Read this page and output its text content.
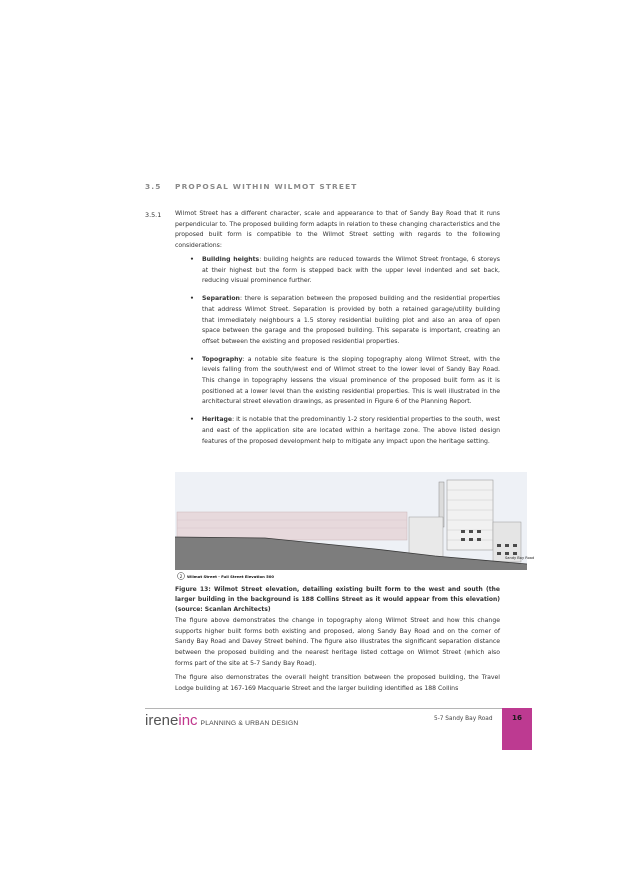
3.5 PROPOSAL WITHIN WILMOT STREET
3.5.1 Wilmot Street has a different character, scale and appearance to that of Sandy Bay Road that it runs perpendicular to. The proposed building form adapts in relation to these changing characteristics and the proposed built form is compatible to the Wilmot Street setting with regards to the following considerations:
• Building heights: building heights are reduced towards the Wilmot Street frontage, 6 storeys at their highest but the form is stepped back with the upper level indented and set back, reducing visual prominence further.
• Separation: there is separation between the proposed building and the residential properties that address Wilmot Street. Separation is provided by both a retained garage/utility building that immediately neighbours a 1.5 storey residential building plot and also an area of open space between the garage and the proposed building. This separate is important, creating an offset between the existing and proposed residential properties.
• Topography: a notable site feature is the sloping topography along Wilmot Street, with the levels falling from the south/west end of Wilmot street to the lower level of Sandy Bay Road. This change in topography lessens the visual prominence of the proposed built form as it is positioned at a lower level than the existing residential properties. This is well illustrated in the architectural street elevation drawings, as presented in Figure 6 of the Planning Report.
• Heritage: it is notable that the predominantly 1-2 story residential properties to the south, west and east of the application site are located within a heritage zone. The above listed design features of the proposed development help to mitigate any impact upon the heritage setting.
2 Wilmot Street - Full Street Elevation 500
Sandy Bay Road
Figure 13: Wilmot Street elevation, detailing existing built form to the west and south (the larger building in the background is 188 Collins Street as it would appear from this elevation) (source: Scanlan Architects)
The figure above demonstrates the change in topography along Wilmot Street and how this change supports higher built forms both existing and proposed, along Sandy Bay Road and on the corner of Sandy Bay Road and Davey Street behind. The figure also illustrates the significant separation distance between the proposed building and the nearest heritage listed cottage on Wilmot Street (which also forms part of the site at 5-7 Sandy Bay Road).
The figure also demonstrates the overall height transition between the proposed building, the Travel Lodge building at 167-169 Macquarie Street and the larger building identified as 188 Collins
ireneinc PLANNING & URBAN DESIGN
5-7 Sandy Bay Road	16
